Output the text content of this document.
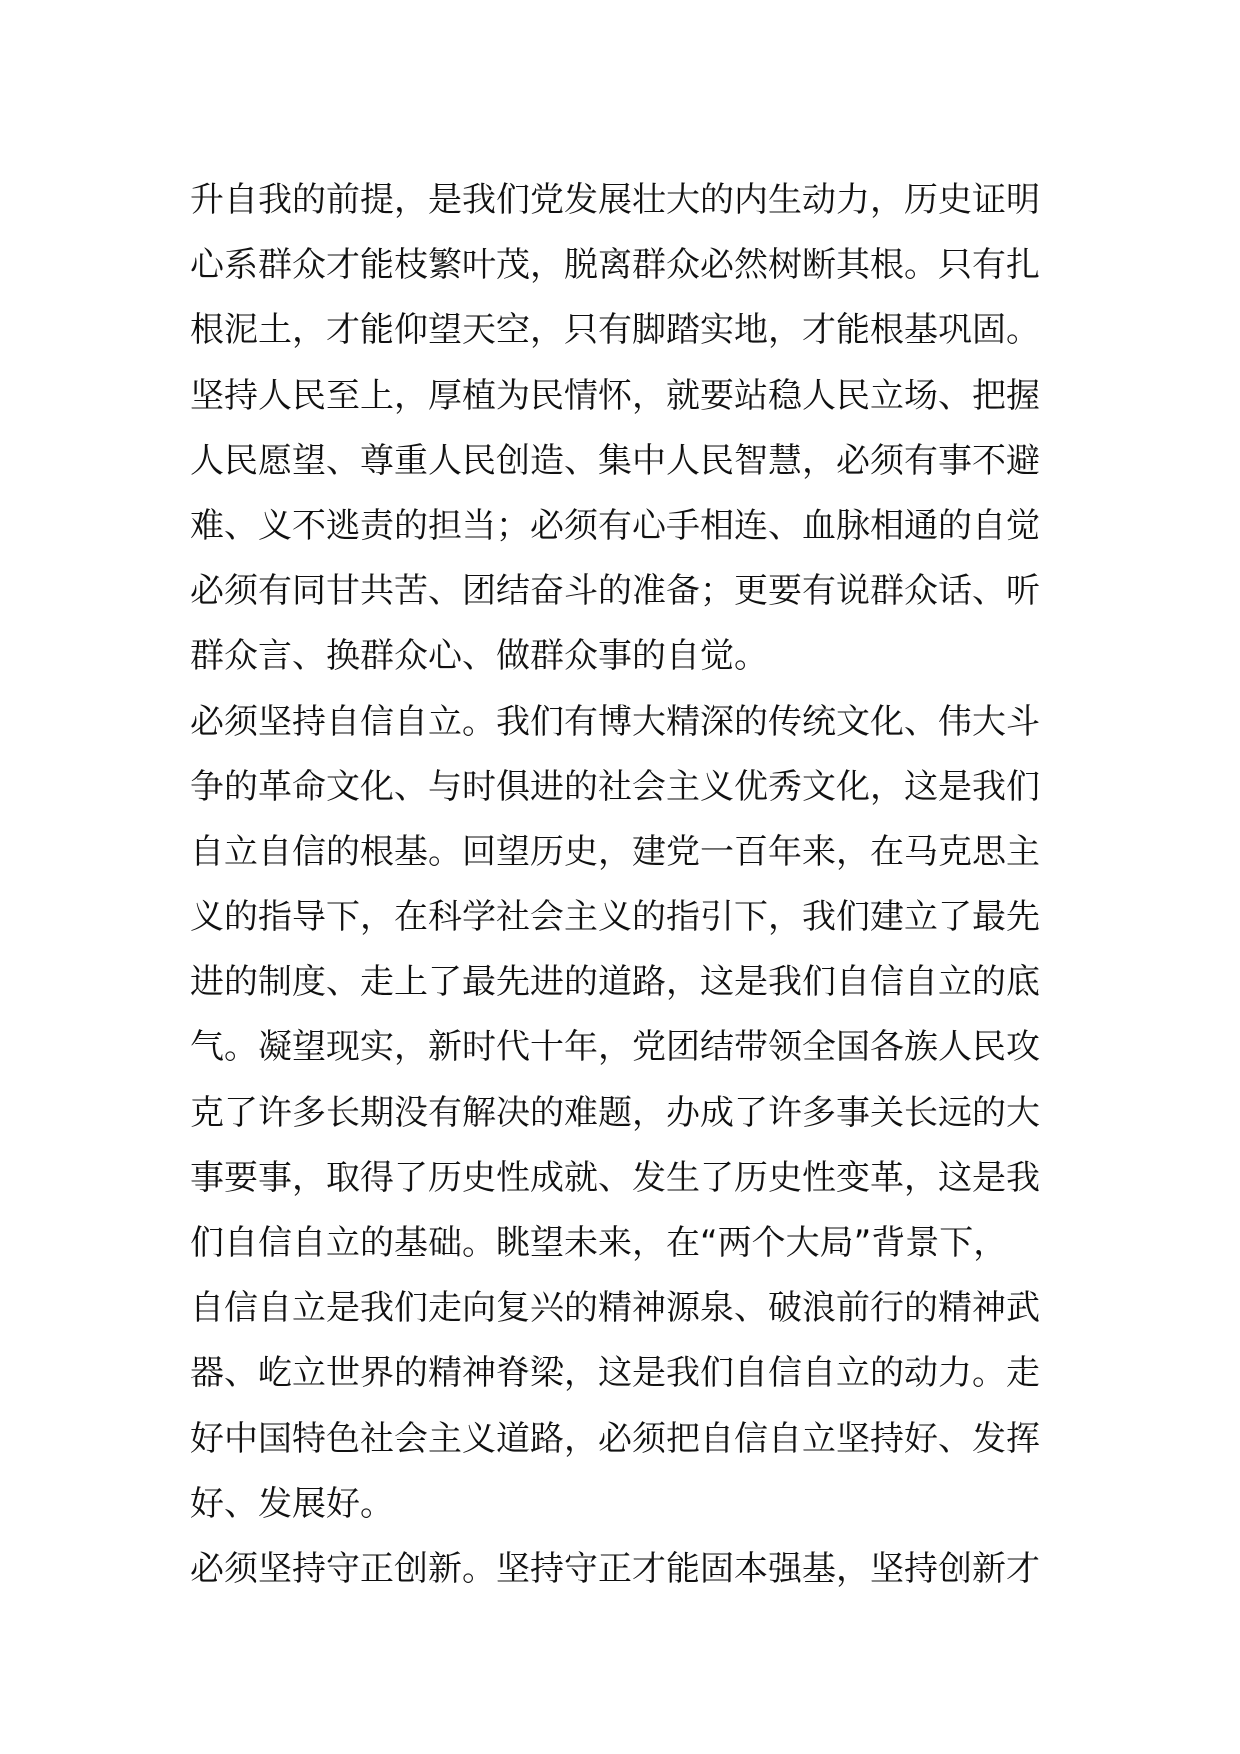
升自我的前提，是我们党发展壮大的内生动力，历史证明
心系群众才能枝繁叶茂，脱离群众必然树断其根。只有扎
根泥土，才能仰望天空，只有脚踏实地，才能根基巩固。
坚持人民至上，厚植为民情怀，就要站稳人民立场、把握
人民愿望、尊重人民创造、集中人民智慧，必须有事不避
难、义不逃责的担当；必须有心手相连、血脉相通的自觉
必须有同甘共苦、团结奋斗的准备；更要有说群众话、听
群众言、换群众心、做群众事的自觉。
必须坚持自信自立。我们有博大精深的传统文化、伟大斗
争的革命文化、与时俱进的社会主义优秀文化，这是我们
自立自信的根基。回望历史，建党一百年来，在马克思主
义的指导下，在科学社会主义的指引下，我们建立了最先
进的制度、走上了最先进的道路，这是我们自信自立的底
气。凝望现实，新时代十年，党团结带领全国各族人民攻
克了许多长期没有解决的难题，办成了许多事关长远的大
事要事，取得了历史性成就、发生了历史性变革，这是我
们自信自立的基础。眺望未来，在“两个大局”背景下，
自信自立是我们走向复兴的精神源泉、破浪前行的精神武
器、屹立世界的精神脊梁，这是我们自信自立的动力。走
好中国特色社会主义道路，必须把自信自立坚持好、发挥
好、发展好。
必须坚持守正创新。坚持守正才能固本强基，坚持创新才
